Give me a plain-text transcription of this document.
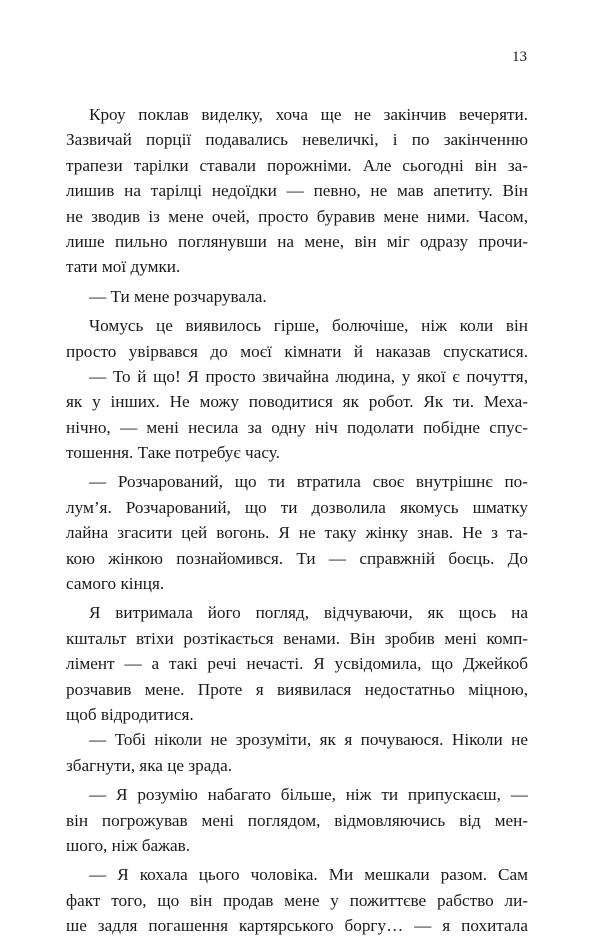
13
Кроу поклав виделку, хоча ще не закінчив вечеряти.
Зазвичай порції подавались невеличкі, і по закінченню
трапези тарілки ставали порожніми. Але сьогодні він за-
лишив на тарілці недоїдки — певно, не мав апетиту. Він
не зводив із мене очей, просто буравив мене ними. Часом,
лише пильно поглянувши на мене, він міг одразу прочи-
тати мої думки.
— Ти мене розчарувала.
Чомусь це виявилось гірше, болючіше, ніж коли він
просто увірвався до моєї кімнати й наказав спускатися.
— То й що! Я просто звичайна людина, у якої є почуття,
як у інших. Не можу поводитися як робот. Як ти. Меха-
нічно, — мені несила за одну ніч подолати побідне спус-
тошення. Таке потребує часу.
— Розчарований, що ти втратила своє внутрішнє по-
лум’я. Розчарований, що ти дозволила якомусь шматку
лайна згасити цей вогонь. Я не таку жінку знав. Не з та-
кою жінкою познайомився. Ти — справжній боєць. До
самого кінця.
Я витримала його погляд, відчуваючи, як щось на
кштальт втіхи розтікається венами. Він зробив мені комп-
лімент — а такі речі нечасті. Я усвідомила, що Джейкоб
розчавив мене. Проте я виявилася недостатньо міцною,
щоб відродитися.
— Тобі ніколи не зрозуміти, як я почуваюся. Ніколи не
збагнути, яка це зрада.
— Я розумію набагато більше, ніж ти припускаєш, —
він погрожував мені поглядом, відмовляючись від мен-
шого, ніж бажав.
— Я кохала цього чоловіка. Ми мешкали разом. Сам
факт того, що він продав мене у пожиттєве рабство ли-
ше задля погашення картярського боргу… — я похитала
